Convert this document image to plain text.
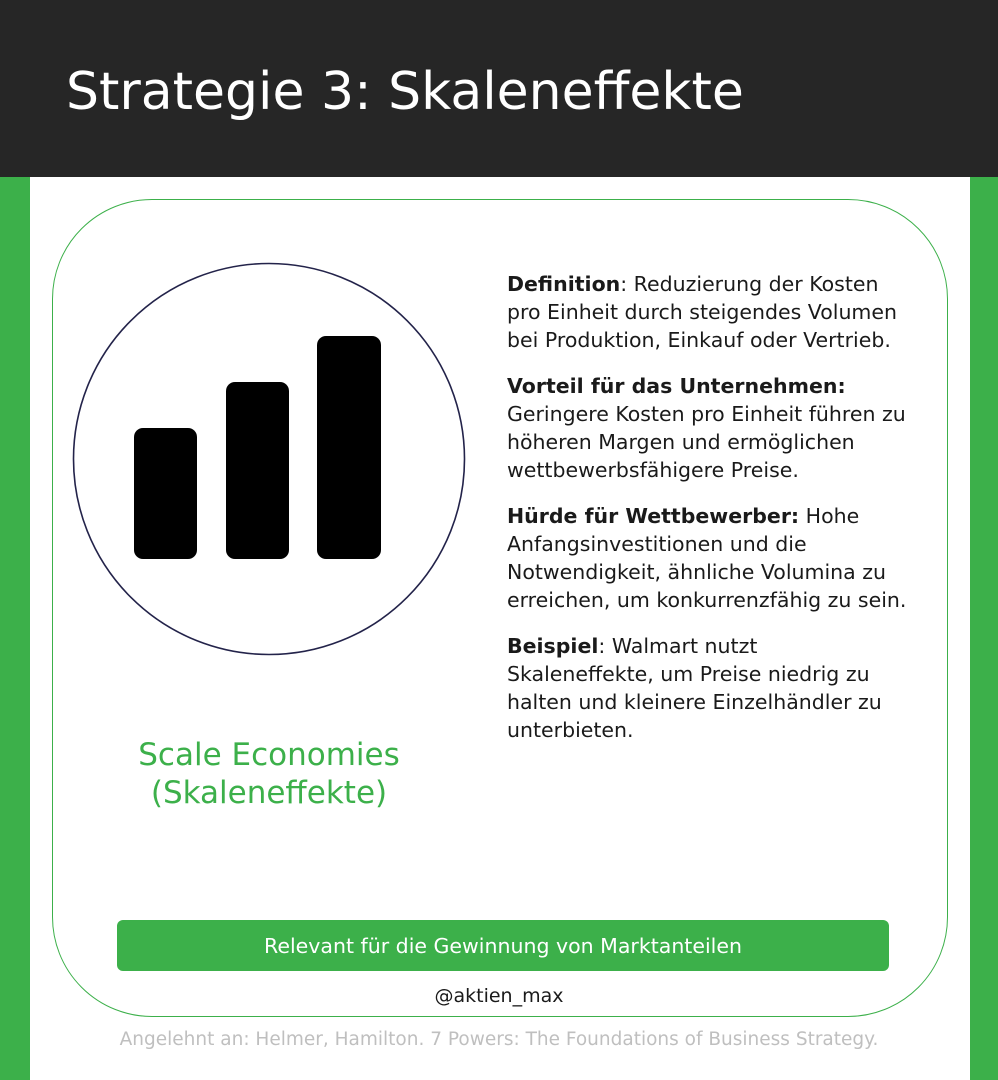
Strategie 3: Skaleneffekte
Scale Economies
(Skaleneffekte)

Definition: Reduzierung der Kosten pro Einheit durch steigendes Volumen bei Produktion, Einkauf oder Vertrieb.

Vorteil für das Unternehmen: Geringere Kosten pro Einheit führen zu höheren Margen und ermöglichen wettbewerbsfähigere Preise.

Hürde für Wettbewerber: Hohe Anfangsinvestitionen und die Notwendigkeit, ähnliche Volumina zu erreichen, um konkurrenzfähig zu sein.

Beispiel: Walmart nutzt Skaleneffekte, um Preise niedrig zu halten und kleinere Einzelhändler zu unterbieten.

Relevant für die Gewinnung von Marktanteilen
@aktien_max
Angelehnt an: Helmer, Hamilton. 7 Powers: The Foundations of Business Strategy.
